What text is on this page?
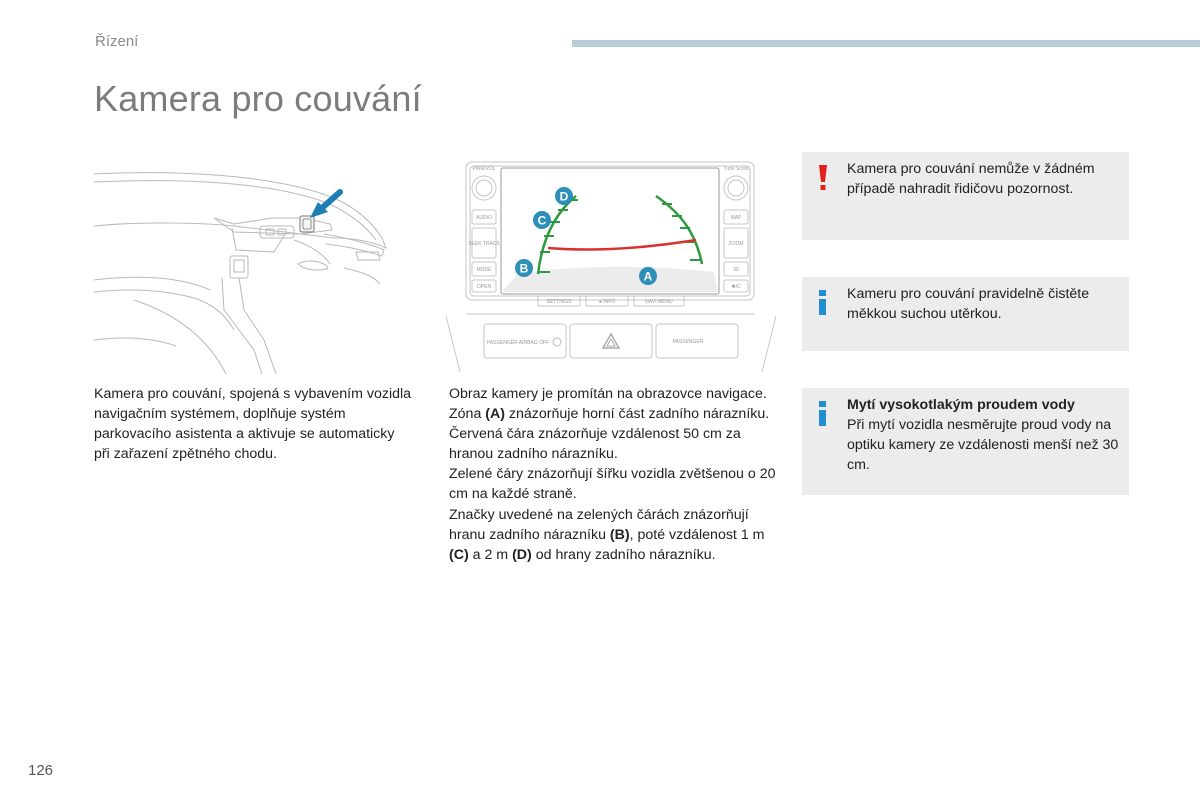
Řízení
Kamera pro couvání
A
B
C
D
PWR/VOL	Tune Scroll
AUDIO
SEEK TRACK
MODE
OPEN
MAP
ZOOM
30
✱/C
SETTINGS	● INFO	NAVI MENU
PASSENGER AIRBAG OFF	PASSENGER

Kamera pro couvání, spojená s vybavením vozidla navigačním systémem, doplňuje systém parkovacího asistenta a aktivuje se automaticky při zařazení zpětného chodu.

Obraz kamery je promítán na obrazovce navigace.

Zóna (A) znázorňuje horní část zadního nárazníku.

Červená čára znázorňuje vzdálenost 50 cm za hranou zadního nárazníku.

Zelené čáry znázorňují šířku vozidla zvětšenou o 20 cm na každé straně.

Značky uvedené na zelených čárách znázorňují hranu zadního nárazníku (B), poté vzdálenost 1 m (C) a 2 m (D) od hrany zadního nárazníku.

Kamera pro couvání nemůže v žádném případě nahradit řidičovu pozornost.
Kameru pro couvání pravidelně čistěte měkkou suchou utěrkou.
Mytí vysokotlakým proudem vody
Při mytí vozidla nesměrujte proud vody na optiku kamery ze vzdálenosti menší než 30 cm.
126
